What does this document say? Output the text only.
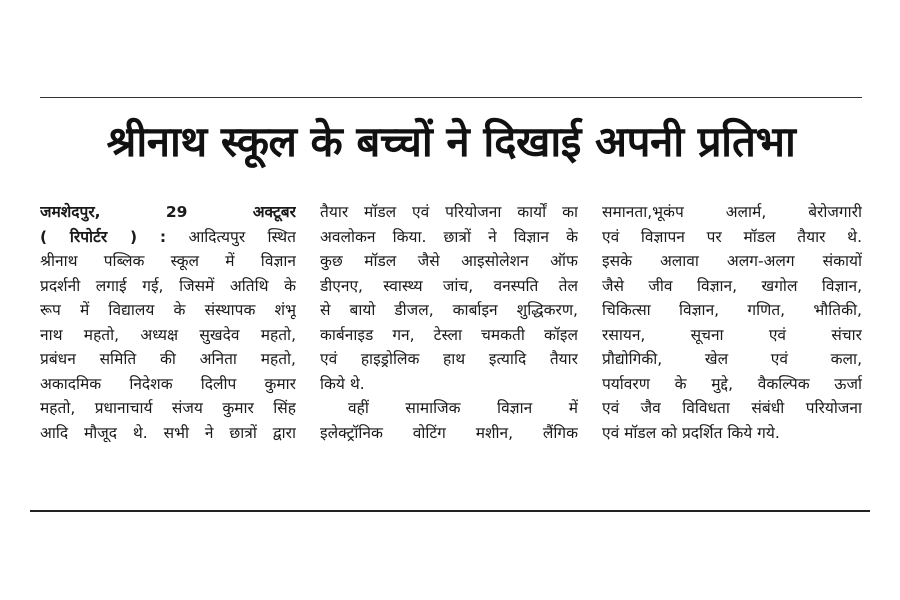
श्रीनाथ स्कूल के बच्चों ने दिखाई अपनी प्रतिभा
जमशेदपुर, 29 अक्टूबर
( रिपोर्टर ) : आदित्यपुर स्थित
श्रीनाथ पब्लिक स्कूल में विज्ञान
प्रदर्शनी लगाई गई, जिसमें अतिथि के
रूप में विद्यालय के संस्थापक शंभू
नाथ महतो, अध्यक्ष सुखदेव महतो,
प्रबंधन समिति की अनिता महतो,
अकादमिक निदेशक दिलीप कुमार
महतो, प्रधानाचार्य संजय कुमार सिंह
आदि मौजूद थे. सभी ने छात्रों द्वारा
तैयार मॉडल एवं परियोजना कार्यों का
अवलोकन किया. छात्रों ने विज्ञान के
कुछ मॉडल जैसे आइसोलेशन ऑफ
डीएनए, स्वास्थ्य जांच, वनस्पति तेल
से बायो डीजल, कार्बाइन शुद्धिकरण,
कार्बनाइड गन, टेस्ला चमकती कॉइल
एवं हाइड्रोलिक हाथ इत्यादि तैयार
किये थे.
वहीं सामाजिक विज्ञान में
इलेक्ट्रॉनिक वोटिंग मशीन, लैंगिक
समानता,भूकंप अलार्म, बेरोजगारी
एवं विज्ञापन पर मॉडल तैयार थे.
इसके अलावा अलग-अलग संकायों
जैसे जीव विज्ञान, खगोल विज्ञान,
चिकित्सा विज्ञान, गणित, भौतिकी,
रसायन, सूचना एवं संचार
प्रौद्योगिकी, खेल एवं कला,
पर्यावरण के मुद्दे, वैकल्पिक ऊर्जा
एवं जैव विविधता संबंधी परियोजना
एवं मॉडल को प्रदर्शित किये गये.
